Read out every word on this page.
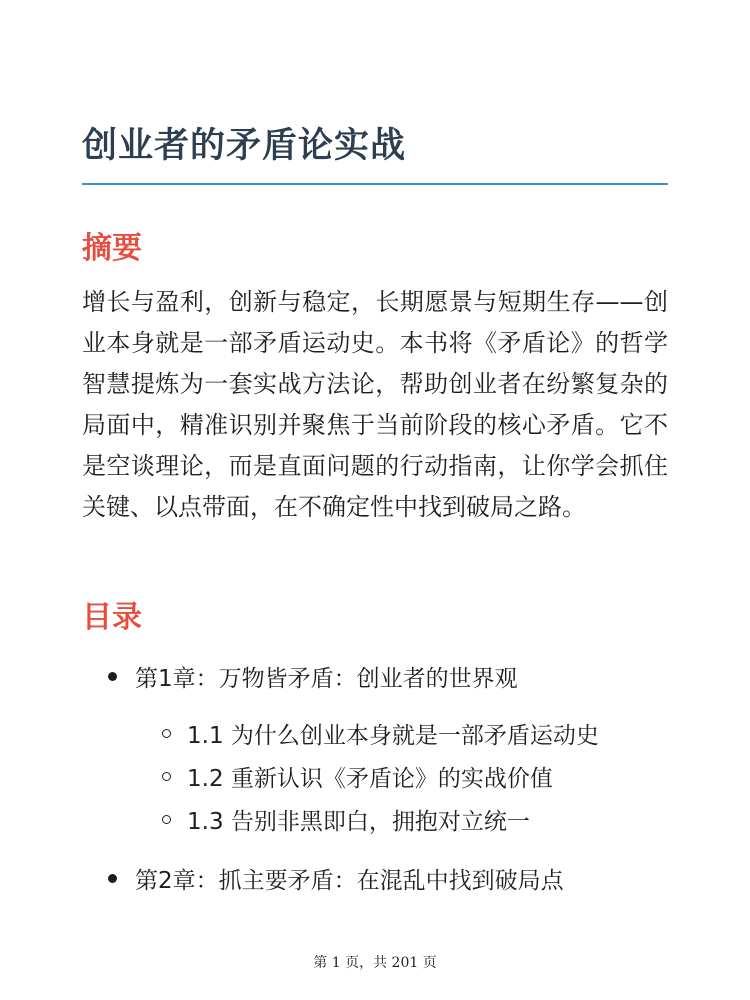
创业者的矛盾论实战
摘要

增长与盈利，创新与稳定，长期愿景与短期生存——创业本身就是一部矛盾运动史。本书将《矛盾论》的哲学智慧提炼为一套实战方法论，帮助创业者在纷繁复杂的局面中，精准识别并聚焦于当前阶段的核心矛盾。它不是空谈理论，而是直面问题的行动指南，让你学会抓住关键、以点带面，在不确定性中找到破局之路。

目录
第1章：万物皆矛盾：创业者的世界观
1.1 为什么创业本身就是一部矛盾运动史
1.2 重新认识《矛盾论》的实战价值
1.3 告别非黑即白，拥抱对立统一
第2章：抓主要矛盾：在混乱中找到破局点
第 1 页，共 201 页
